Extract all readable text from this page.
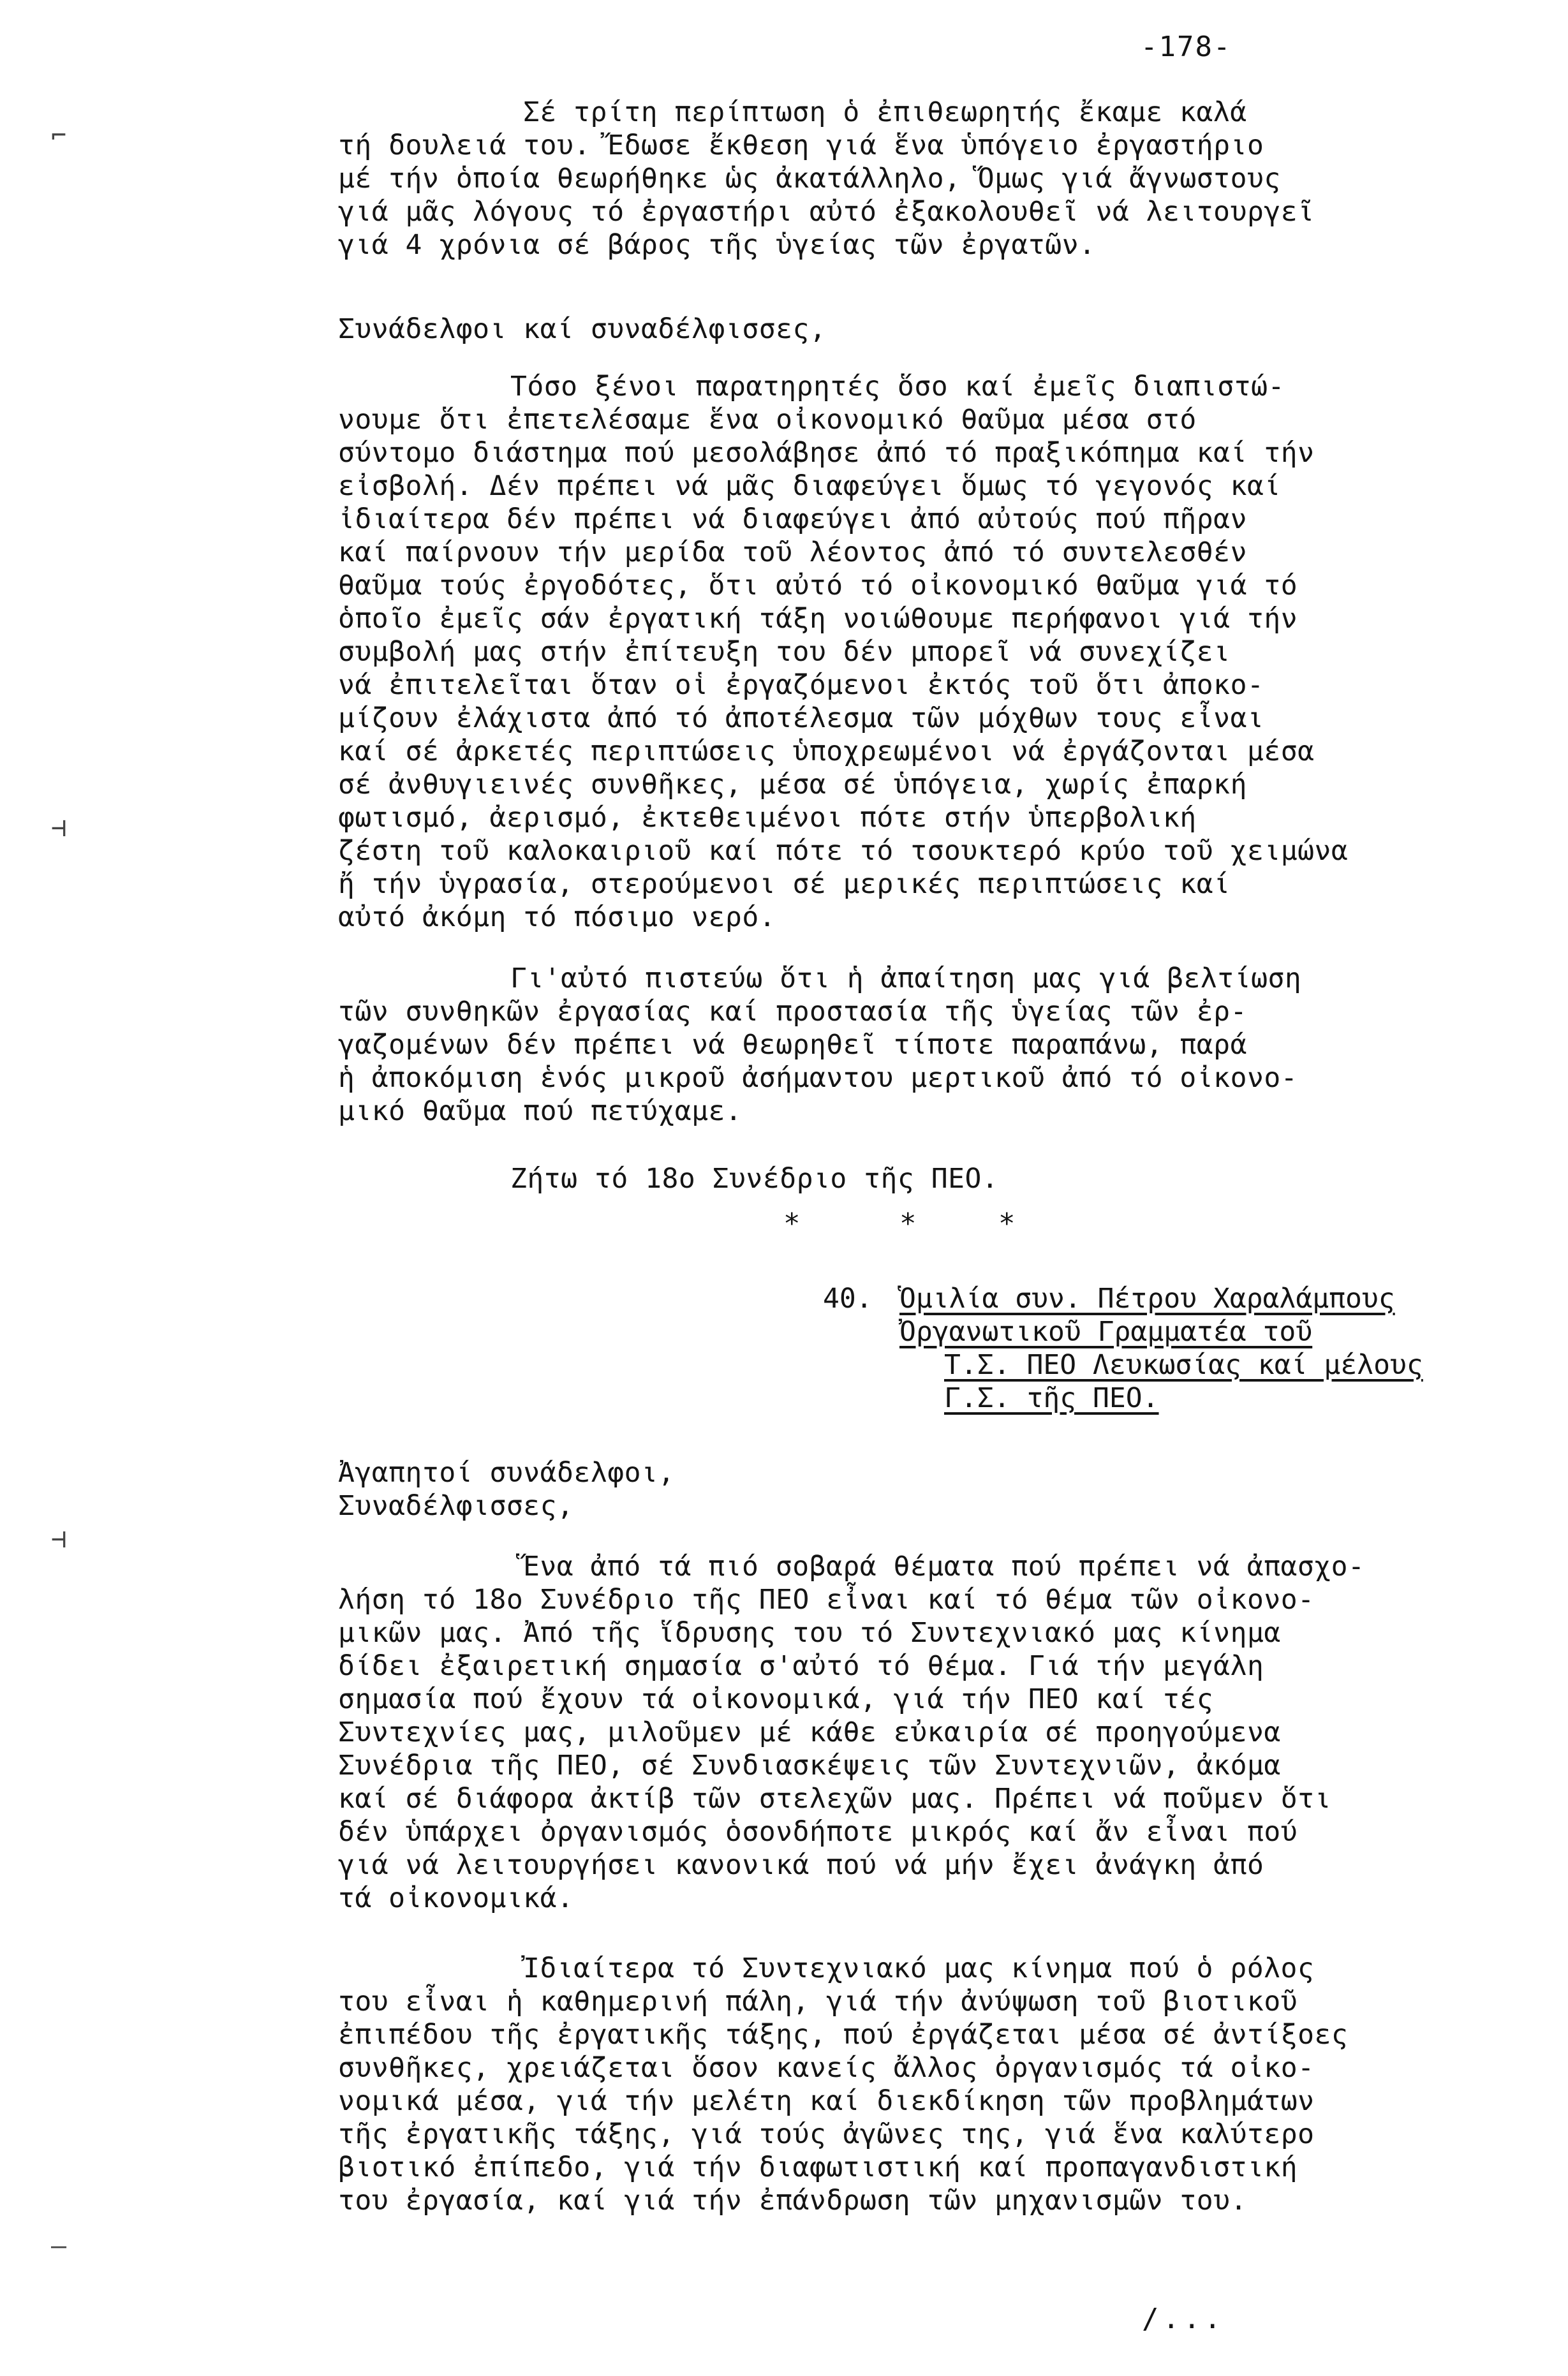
-178-
Σέ τρίτη περίπτωση ὁ ἐπιθεωρητής ἔκαμε καλά
τή δουλειά του. Ἔδωσε ἔκθεση γιά ἕνα ὑπόγειο ἐργαστήριο
μέ τήν ὁποία θεωρήθηκε ὡς ἀκατάλληλο, Ὅμως γιά ἄγνωστους
γιά μᾶς λόγους τό ἐργαστήρι αὐτό ἐξακολουθεῖ νά λειτουργεῖ
γιά 4 χρόνια σέ βάρος τῆς ὑγείας τῶν ἐργατῶν.
Συνάδελφοι καί συναδέλφισσες,
Τόσο ξένοι παρατηρητές ὅσο καί ἐμεῖς διαπιστώ-
νουμε ὅτι ἐπετελέσαμε ἕνα οἰκονομικό θαῦμα μέσα στό
σύντομο διάστημα πού μεσολάβησε ἀπό τό πραξικόπημα καί τήν
εἰσβολή. Δέν πρέπει νά μᾶς διαφεύγει ὅμως τό γεγονός καί
ἰδιαίτερα δέν πρέπει νά διαφεύγει ἀπό αὐτούς πού πῆραν
καί παίρνουν τήν μερίδα τοῦ λέοντος ἀπό τό συντελεσθέν
θαῦμα τούς ἐργοδότες, ὅτι αὐτό τό οἰκονομικό θαῦμα γιά τό
ὁποῖο ἐμεῖς σάν ἐργατική τάξη νοιώθουμε περήφανοι γιά τήν
συμβολή μας στήν ἐπίτευξη του δέν μπορεῖ νά συνεχίζει
νά ἐπιτελεῖται ὅταν οἱ ἐργαζόμενοι ἐκτός τοῦ ὅτι ἀποκο-
μίζουν ἐλάχιστα ἀπό τό ἀποτέλεσμα τῶν μόχθων τους εἶναι
καί σέ ἀρκετές περιπτώσεις ὑποχρεωμένοι νά ἐργάζονται μέσα
σέ ἀνθυγιεινές συνθῆκες, μέσα σέ ὑπόγεια, χωρίς ἐπαρκή
φωτισμό, ἀερισμό, ἐκτεθειμένοι πότε στήν ὑπερβολική
ζέστη τοῦ καλοκαιριοῦ καί πότε τό τσουκτερό κρύο τοῦ χειμώνα
ἤ τήν ὑγρασία, στερούμενοι σέ μερικές περιπτώσεις καί
αὐτό ἀκόμη τό πόσιμο νερό.
Γι'αὐτό πιστεύω ὅτι ἡ ἀπαίτηση μας γιά βελτίωση
τῶν συνθηκῶν ἐργασίας καί προστασία τῆς ὑγείας τῶν ἐρ-
γαζομένων δέν πρέπει νά θεωρηθεῖ τίποτε παραπάνω, παρά
ἡ ἀποκόμιση ἑνός μικροῦ ἀσήμαντου μερτικοῦ ἀπό τό οἰκονο-
μικό θαῦμα πού πετύχαμε.
Ζήτω τό 18ο Συνέδριο τῆς ΠΕΟ.
*	*	*

40.

Ὁμιλία συν. Πέτρου Χαραλάμπους

Ὀργανωτικοῦ Γραμματέα τοῦ

Τ.Σ. ΠΕΟ Λευκωσίας καί μέλους

Γ.Σ. τῆς ΠΕΟ.

Ἀγαπητοί συνάδελφοι,
Συναδέλφισσες,
Ἕνα ἀπό τά πιό σοβαρά θέματα πού πρέπει νά ἀπασχο-
λήση τό 18ο Συνέδριο τῆς ΠΕΟ εἶναι καί τό θέμα τῶν οἰκονο-
μικῶν μας. Ἀπό τῆς ἵδρυσης του τό Συντεχνιακό μας κίνημα
δίδει ἐξαιρετική σημασία σ'αὐτό τό θέμα. Γιά τήν μεγάλη
σημασία πού ἔχουν τά οἰκονομικά, γιά τήν ΠΕΟ καί τές
Συντεχνίες μας, μιλοῦμεν μέ κάθε εὐκαιρία σέ προηγούμενα
Συνέδρια τῆς ΠΕΟ, σέ Συνδιασκέψεις τῶν Συντεχνιῶν, ἀκόμα
καί σέ διάφορα ἀκτίβ τῶν στελεχῶν μας. Πρέπει νά ποῦμεν ὅτι
δέν ὑπάρχει ὀργανισμός ὁσονδήποτε μικρός καί ἄν εἶναι πού
γιά νά λειτουργήσει κανονικά πού νά μήν ἔχει ἀνάγκη ἀπό
τά οἰκονομικά.
Ἰδιαίτερα τό Συντεχνιακό μας κίνημα πού ὁ ρόλος
του εἶναι ἡ καθημερινή πάλη, γιά τήν ἀνύψωση τοῦ βιοτικοῦ
ἐπιπέδου τῆς ἐργατικῆς τάξης, πού ἐργάζεται μέσα σέ ἀντίξοες
συνθῆκες, χρειάζεται ὅσον κανείς ἄλλος ὀργανισμός τά οἰκο-
νομικά μέσα, γιά τήν μελέτη καί διεκδίκηση τῶν προβλημάτων
τῆς ἐργατικῆς τάξης, γιά τούς ἀγῶνες της, γιά ἕνα καλύτερο
βιοτικό ἐπίπεδο, γιά τήν διαφωτιστική καί προπαγανδιστική
του ἐργασία, καί γιά τήν ἐπάνδρωση τῶν μηχανισμῶν του.
/...
⌐
⊣
⊣
—
